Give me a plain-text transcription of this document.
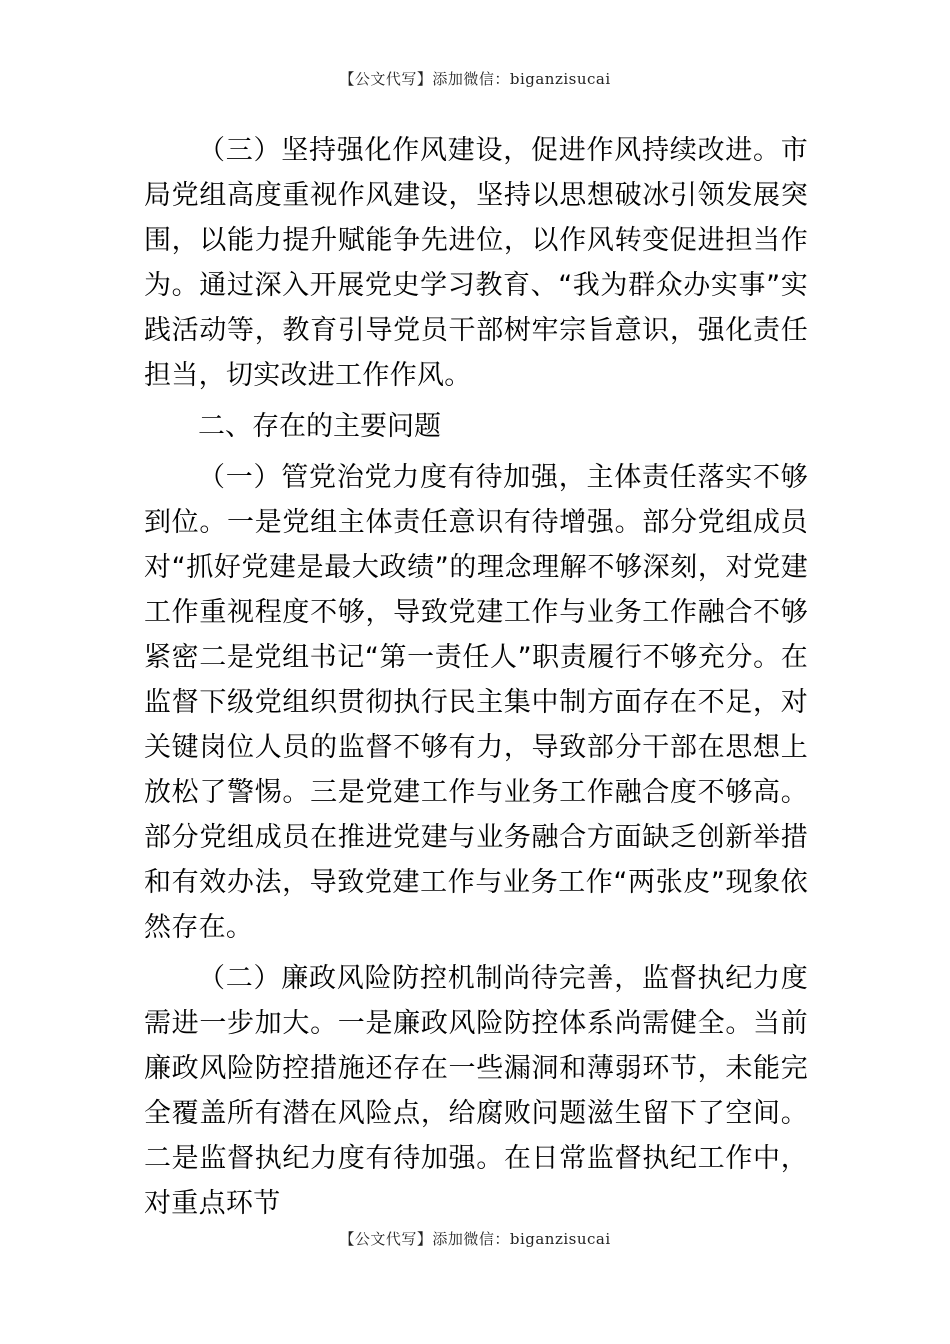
【公文代写】添加微信：biganzisucai

（三）坚持强化作风建设，促进作风持续改进。市局党组高度重视作风建设，坚持以思想破冰引领发展突围，以能力提升赋能争先进位，以作风转变促进担当作为。通过深入开展党史学习教育、“我为群众办实事”实践活动等，教育引导党员干部树牢宗旨意识，强化责任担当，切实改进工作作风。

二、存在的主要问题

（一）管党治党力度有待加强，主体责任落实不够到位。一是党组主体责任意识有待增强。部分党组成员对“抓好党建是最大政绩”的理念理解不够深刻，对党建工作重视程度不够，导致党建工作与业务工作融合不够紧密二是党组书记“第一责任人”职责履行不够充分。在监督下级党组织贯彻执行民主集中制方面存在不足，对关键岗位人员的监督不够有力，导致部分干部在思想上放松了警惕。三是党建工作与业务工作融合度不够高。部分党组成员在推进党建与业务融合方面缺乏创新举措和有效办法，导致党建工作与业务工作“两张皮”现象依然存在。

（二）廉政风险防控机制尚待完善，监督执纪力度需进一步加大。一是廉政风险防控体系尚需健全。当前廉政风险防控措施还存在一些漏洞和薄弱环节，未能完全覆盖所有潜在风险点，给腐败问题滋生留下了空间。二是监督执纪力度有待加强。在日常监督执纪工作中，对重点环节

【公文代写】添加微信：biganzisucai
